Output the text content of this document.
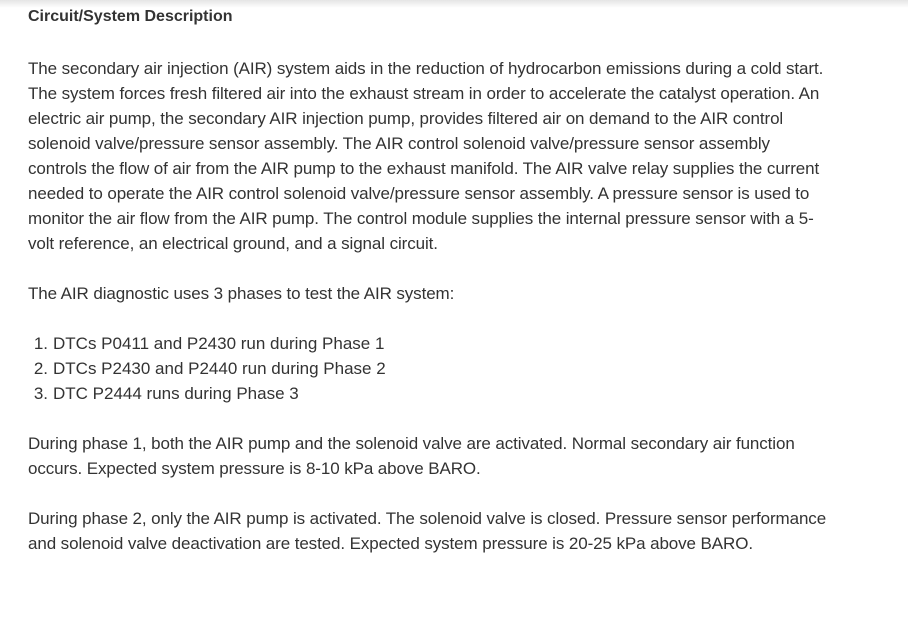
Circuit/System Description

The secondary air injection (AIR) system aids in the reduction of hydrocarbon emissions during a cold start. The system forces fresh filtered air into the exhaust stream in order to accelerate the catalyst operation. An electric air pump, the secondary AIR injection pump, provides filtered air on demand to the AIR control solenoid valve/pressure sensor assembly. The AIR control solenoid valve/pressure sensor assembly controls the flow of air from the AIR pump to the exhaust manifold. The AIR valve relay supplies the current needed to operate the AIR control solenoid valve/pressure sensor assembly. A pressure sensor is used to monitor the air flow from the AIR pump. The control module supplies the internal pressure sensor with a 5-volt reference, an electrical ground, and a signal circuit.

The AIR diagnostic uses 3 phases to test the AIR system:

1. DTCs P0411 and P2430 run during Phase 1
2. DTCs P2430 and P2440 run during Phase 2
3. DTC P2444 runs during Phase 3

During phase 1, both the AIR pump and the solenoid valve are activated. Normal secondary air function occurs. Expected system pressure is 8-10 kPa above BARO.

During phase 2, only the AIR pump is activated. The solenoid valve is closed. Pressure sensor performance and solenoid valve deactivation are tested. Expected system pressure is 20-25 kPa above BARO.
